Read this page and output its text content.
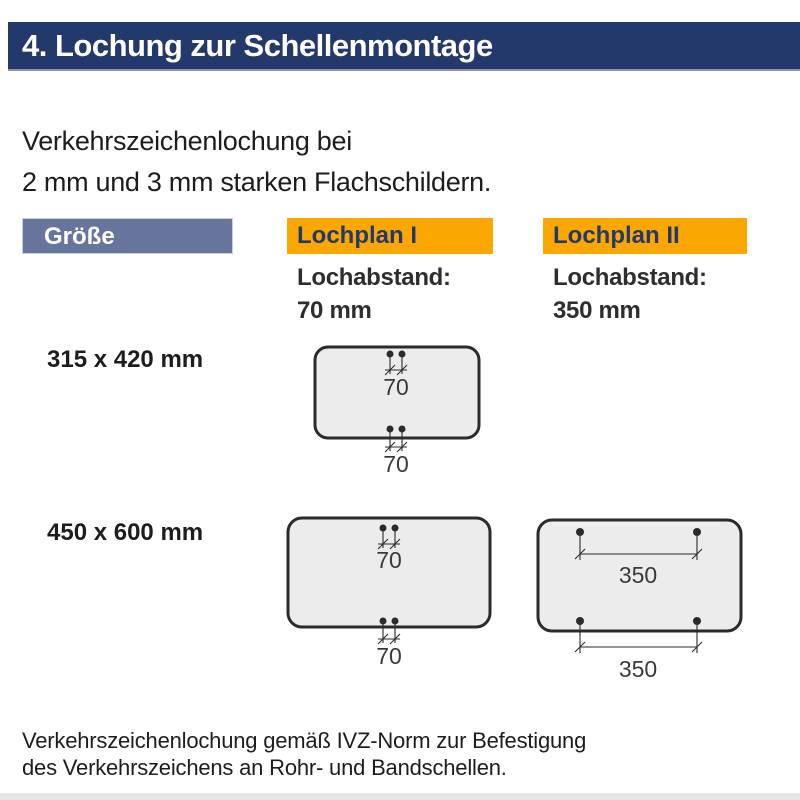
4. Lochung zur Schellenmontage

Verkehrszeichenlochung bei
2 mm und 3 mm starken Flachschildern.

Größe	Lochplan I	Lochplan II

Lochabstand:
70 mm

Lochabstand:
350 mm

315 x 420 mm
450 x 600 mm
70
70
70
70
350
350

Verkehrszeichenlochung gemäß IVZ-Norm zur Befestigung
des Verkehrszeichens an Rohr- und Bandschellen.
